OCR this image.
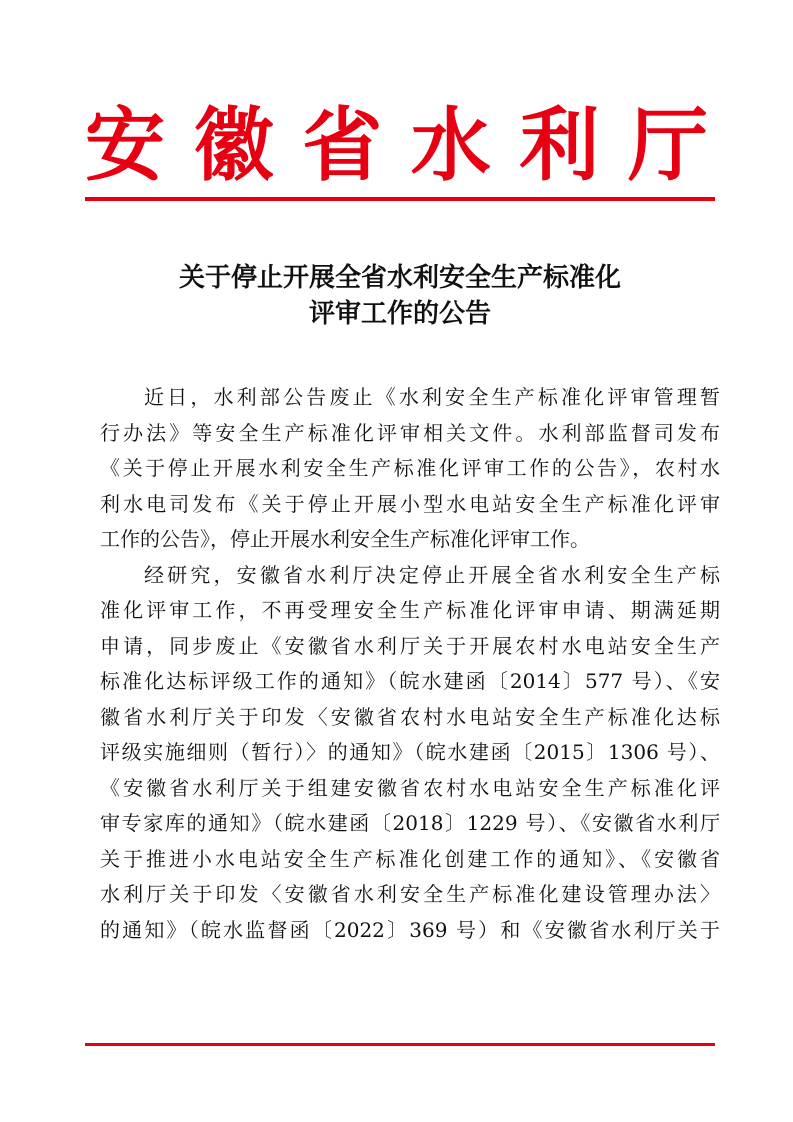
安 徽 省 水 利 厅
关于停止开展全省水利安全生产标准化
评审工作的公告
近日，水利部公告废止《水利安全生产标准化评审管理暂
行办法》等安全生产标准化评审相关文件。水利部监督司发布
《关于停止开展水利安全生产标准化评审工作的公告》，农村水
利水电司发布《关于停止开展小型水电站安全生产标准化评审
工作的公告》，停止开展水利安全生产标准化评审工作。
经研究，安徽省水利厅决定停止开展全省水利安全生产标
准化评审工作，不再受理安全生产标准化评审申请、期满延期
申请，同步废止《安徽省水利厅关于开展农村水电站安全生产
标准化达标评级工作的通知》（皖水建函〔2014〕577 号）、《安
徽省水利厅关于印发〈安徽省农村水电站安全生产标准化达标
评级实施细则（暂行）〉的通知》（皖水建函〔2015〕1306 号）、
《安徽省水利厅关于组建安徽省农村水电站安全生产标准化评
审专家库的通知》（皖水建函〔2018〕1229 号）、《安徽省水利厅
关于推进小水电站安全生产标准化创建工作的通知》、《安徽省
水利厅关于印发〈安徽省水利安全生产标准化建设管理办法〉
的通知》（皖水监督函〔2022〕369 号）和《安徽省水利厅关于
